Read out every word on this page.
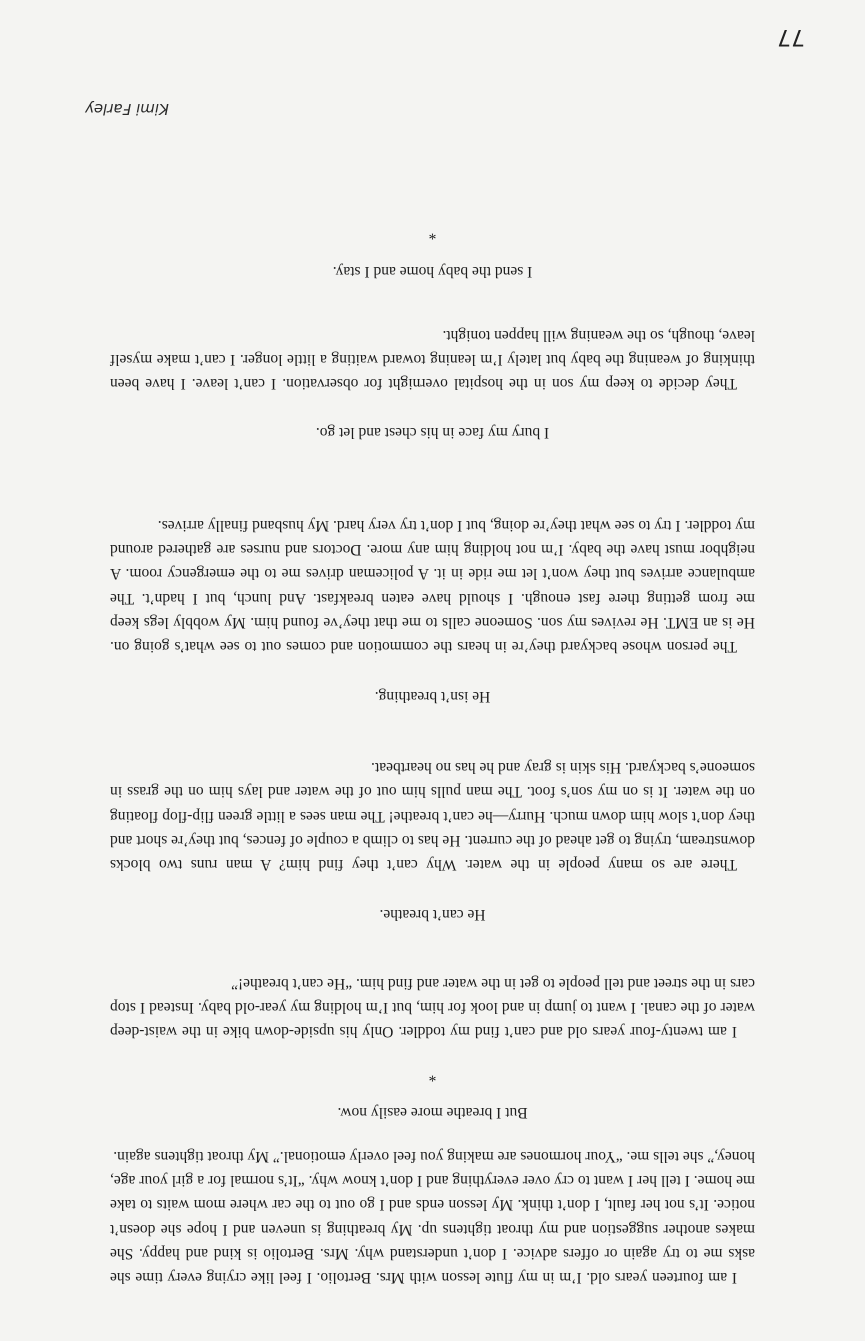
I am fourteen years old. I’m in my flute lesson with Mrs. Bertolio. I feel like crying every time she asks me to try again or offers advice. I don’t understand why. Mrs. Bertolio is kind and happy. She makes another suggestion and my throat tightens up. My breathing is uneven and I hope she doesn’t notice. It’s not her fault, I don’t think. My lesson ends and I go out to the car where mom waits to take me home. I tell her I want to cry over everything and I don’t know why. “It’s normal for a girl your age, honey,” she tells me. “Your hormones are making you feel overly emotional.” My throat tightens again.

But I breathe more easily now.
*

I am twenty-four years old and can’t find my toddler. Only his upside-down bike in the waist-deep water of the canal. I want to jump in and look for him, but I’m holding my year-old baby. Instead I stop cars in the street and tell people to get in the water and find him. “He can’t breathe!”

He can’t breathe.

There are so many people in the water. Why can’t they find him? A man runs two blocks downstream, trying to get ahead of the current. He has to climb a couple of fences, but they’re short and they don’t slow him down much. Hurry—he can’t breathe! The man sees a little green flip-flop floating on the water. It is on my son’s foot. The man pulls him out of the water and lays him on the grass in someone’s backyard. His skin is gray and he has no heartbeat.

He isn’t breathing.

The person whose backyard they’re in hears the commotion and comes out to see what’s going on. He is an EMT. He revives my son. Someone calls to me that they’ve found him. My wobbly legs keep me from getting there fast enough. I should have eaten breakfast. And lunch, but I hadn’t. The ambulance arrives but they won’t let me ride in it. A policeman drives me to the emergency room. A neighbor must have the baby. I’m not holding him any more. Doctors and nurses are gathered around my toddler. I try to see what they’re doing, but I don’t try very hard. My husband finally arrives.

I bury my face in his chest and let go.

They decide to keep my son in the hospital overnight for observation. I can’t leave. I have been thinking of weaning the baby but lately I’m leaning toward waiting a little longer. I can’t make myself leave, though, so the weaning will happen tonight.

I send the baby home and I stay.
*
Kimi Farley
77
